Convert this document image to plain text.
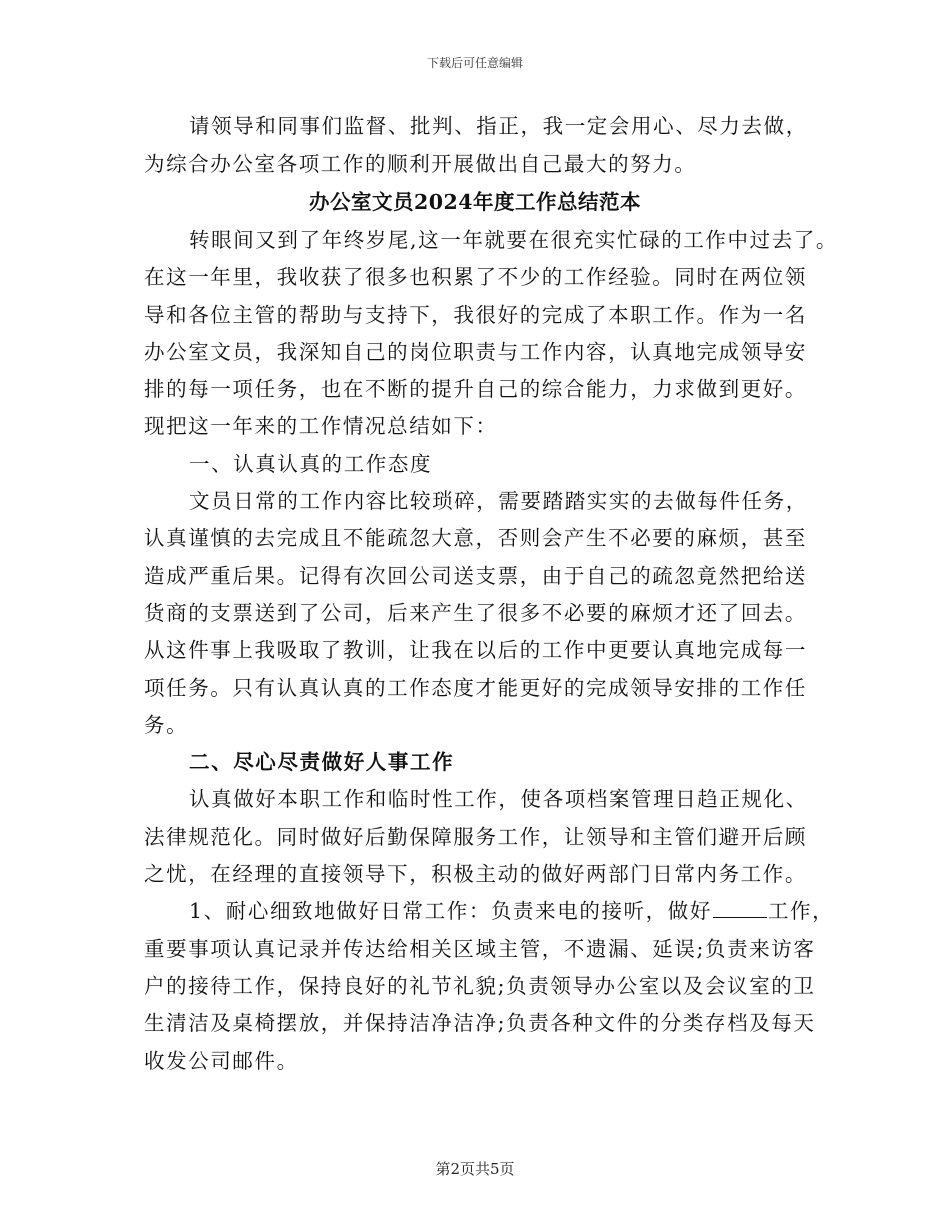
下载后可任意编辑
请领导和同事们监督、批判、指正，我一定会用心、尽力去做，
为综合办公室各项工作的顺利开展做出自己最大的努力。
办公室文员2024年度工作总结范本
转眼间又到了年终岁尾,这一年就要在很充实忙碌的工作中过去了。
在这一年里，我收获了很多也积累了不少的工作经验。同时在两位领
导和各位主管的帮助与支持下，我很好的完成了本职工作。作为一名
办公室文员，我深知自己的岗位职责与工作内容，认真地完成领导安
排的每一项任务，也在不断的提升自己的综合能力，力求做到更好。
现把这一年来的工作情况总结如下：
一、认真认真的工作态度
文员日常的工作内容比较琐碎，需要踏踏实实的去做每件任务，
认真谨慎的去完成且不能疏忽大意，否则会产生不必要的麻烦，甚至
造成严重后果。记得有次回公司送支票，由于自己的疏忽竟然把给送
货商的支票送到了公司，后来产生了很多不必要的麻烦才还了回去。
从这件事上我吸取了教训，让我在以后的工作中更要认真地完成每一
项任务。只有认真认真的工作态度才能更好的完成领导安排的工作任
务。
二、尽心尽责做好人事工作
认真做好本职工作和临时性工作，使各项档案管理日趋正规化、
法律规范化。同时做好后勤保障服务工作，让领导和主管们避开后顾
之忧，在经理的直接领导下，积极主动的做好两部门日常内务工作。
1、耐心细致地做好日常工作：负责来电的接听，做好	工作，
重要事项认真记录并传达给相关区域主管，不遗漏、延误;负责来访客
户的接待工作，保持良好的礼节礼貌;负责领导办公室以及会议室的卫
生清洁及桌椅摆放，并保持洁净洁净;负责各种文件的分类存档及每天
收发公司邮件。
第2页共5页
